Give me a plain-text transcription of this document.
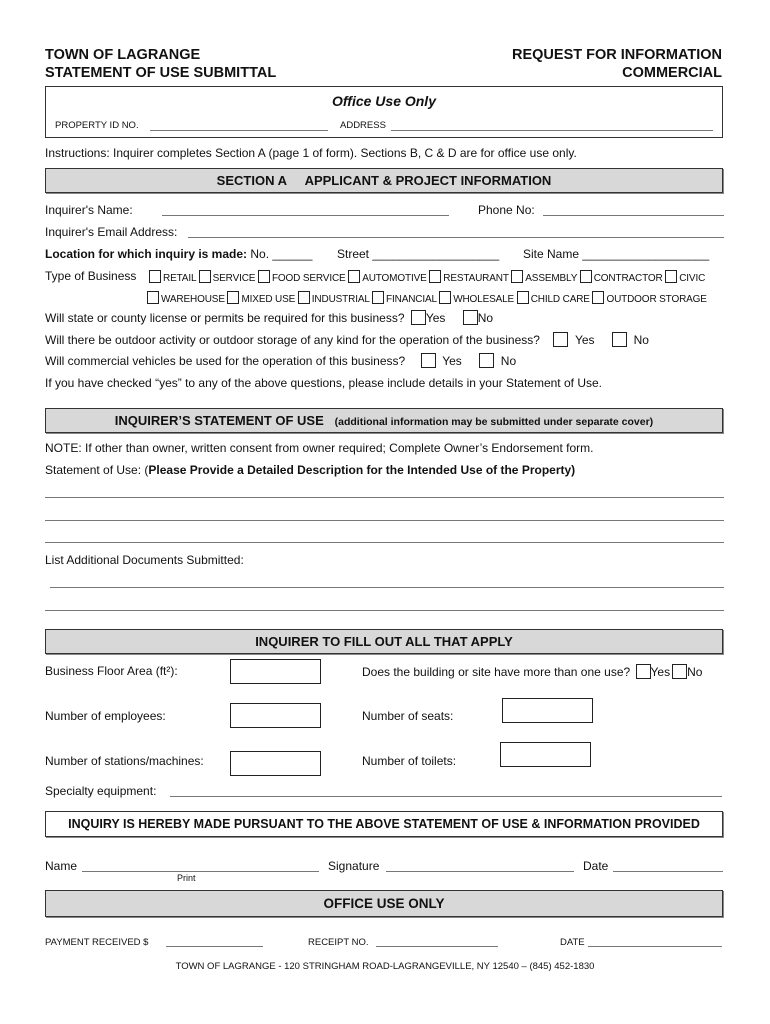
TOWN OF LAGRANGE
STATEMENT OF USE SUBMITTAL
REQUEST FOR INFORMATION
COMMERCIAL
Office Use Only
PROPERTY ID NO.	ADDRESS
Instructions: Inquirer completes Section A (page 1 of form). Sections B, C & D are for office use only.
SECTION A APPLICANT & PROJECT INFORMATION
Inquirer's Name:	Phone No:
Inquirer's Email Address:
Location for which inquiry is made: No. ______ Street ___________________ Site Name ___________________
Type of Business	RETAIL SERVICE FOOD SERVICE AUTOMOTIVE RESTAURANT ASSEMBLY CONTRACTOR CIVIC
WAREHOUSE MIXED USE INDUSTRIAL FINANCIAL WHOLESALE CHILD CARE OUTDOOR STORAGE
Will state or county license or permits be required for this business? Yes	No
Will there be outdoor activity or outdoor storage of any kind for the operation of the business?	Yes	No
Will commercial vehicles be used for the operation of this business?	Yes	No
If you have checked “yes” to any of the above questions, please include details in your Statement of Use.
INQUIRER’S STATEMENT OF USE (additional information may be submitted under separate cover)
NOTE: If other than owner, written consent from owner required; Complete Owner’s Endorsement form.
Statement of Use: (Please Provide a Detailed Description for the Intended Use of the Property)
List Additional Documents Submitted:
INQUIRER TO FILL OUT ALL THAT APPLY
Business Floor Area (ft²):	Does the building or site have more than one use? Yes No
Number of employees:	Number of seats:
Number of stations/machines:	Number of toilets:
Specialty equipment:
INQUIRY IS HEREBY MADE PURSUANT TO THE ABOVE STATEMENT OF USE & INFORMATION PROVIDED
Name
Print
Signature	Date
OFFICE USE ONLY
PAYMENT RECEIVED $	RECEIPT NO.	DATE
TOWN OF LAGRANGE - 120 STRINGHAM ROAD-LAGRANGEVILLE, NY 12540 – (845) 452-1830
